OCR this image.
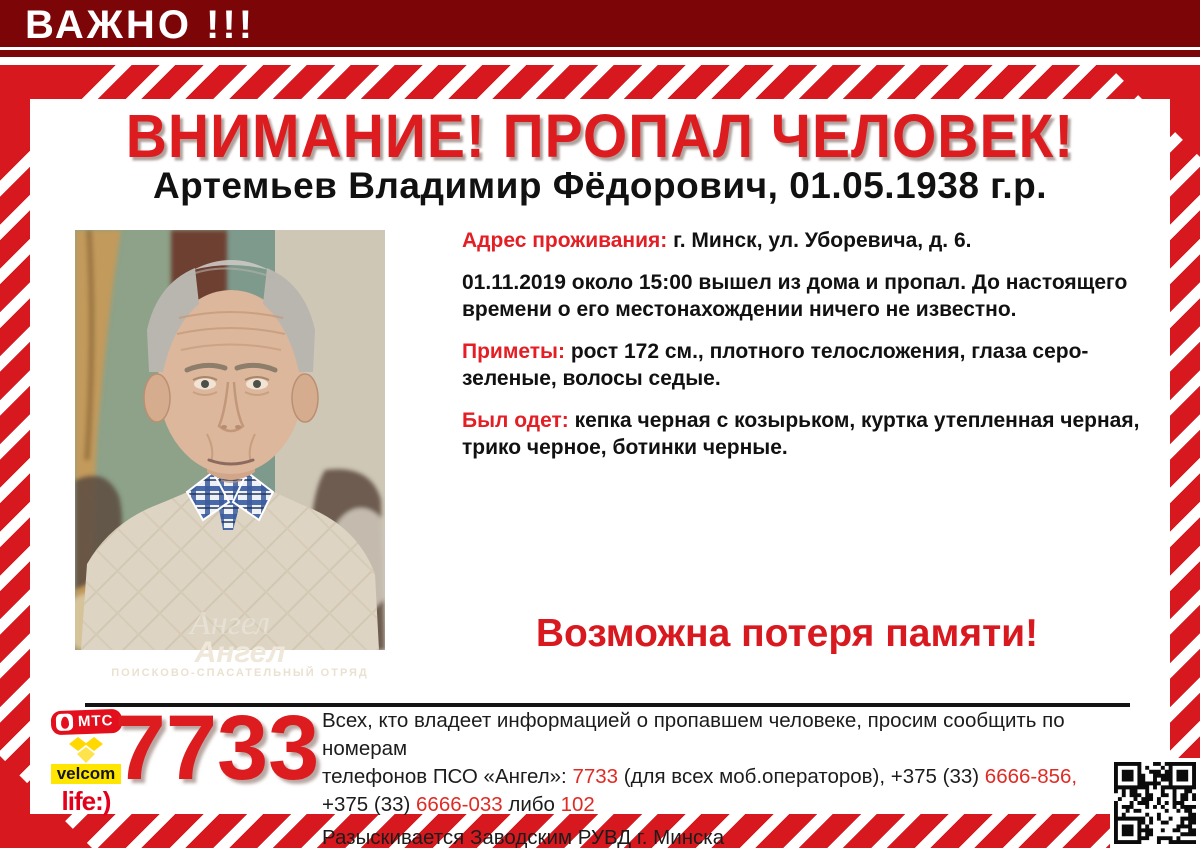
ВАЖНО !!!
ВНИМАНИЕ! ПРОПАЛ ЧЕЛОВЕК!
Артемьев Владимир Фёдорович, 01.05.1938 г.р.
Ангел
Ангел
ПОИСКОВО-СПАСАТЕЛЬНЫЙ ОТРЯД

Адрес проживания: г. Минск, ул. Уборевича, д. 6.

01.11.2019 около 15:00 вышел из дома и пропал. До настоящего времени о его местонахождении ничего не известно.

Приметы: рост 172 см., плотного телосложения, глаза серо-зеленые, волосы седые.

Был одет: кепка черная с козырьком, куртка утепленная черная, трико черное, ботинки черные.

Возможна потеря памяти!
МТС
velcom
life:)
7733 Всех, кто владеет информацией о пропавшем человеке, просим сообщить по номерам
телефонов ПСО «Ангел»: 7733 (для всех моб.операторов), +375 (33) 6666-856,
+375 (33) 6666-033 либо 102
Разыскивается Заводским РУВД г. Минска
